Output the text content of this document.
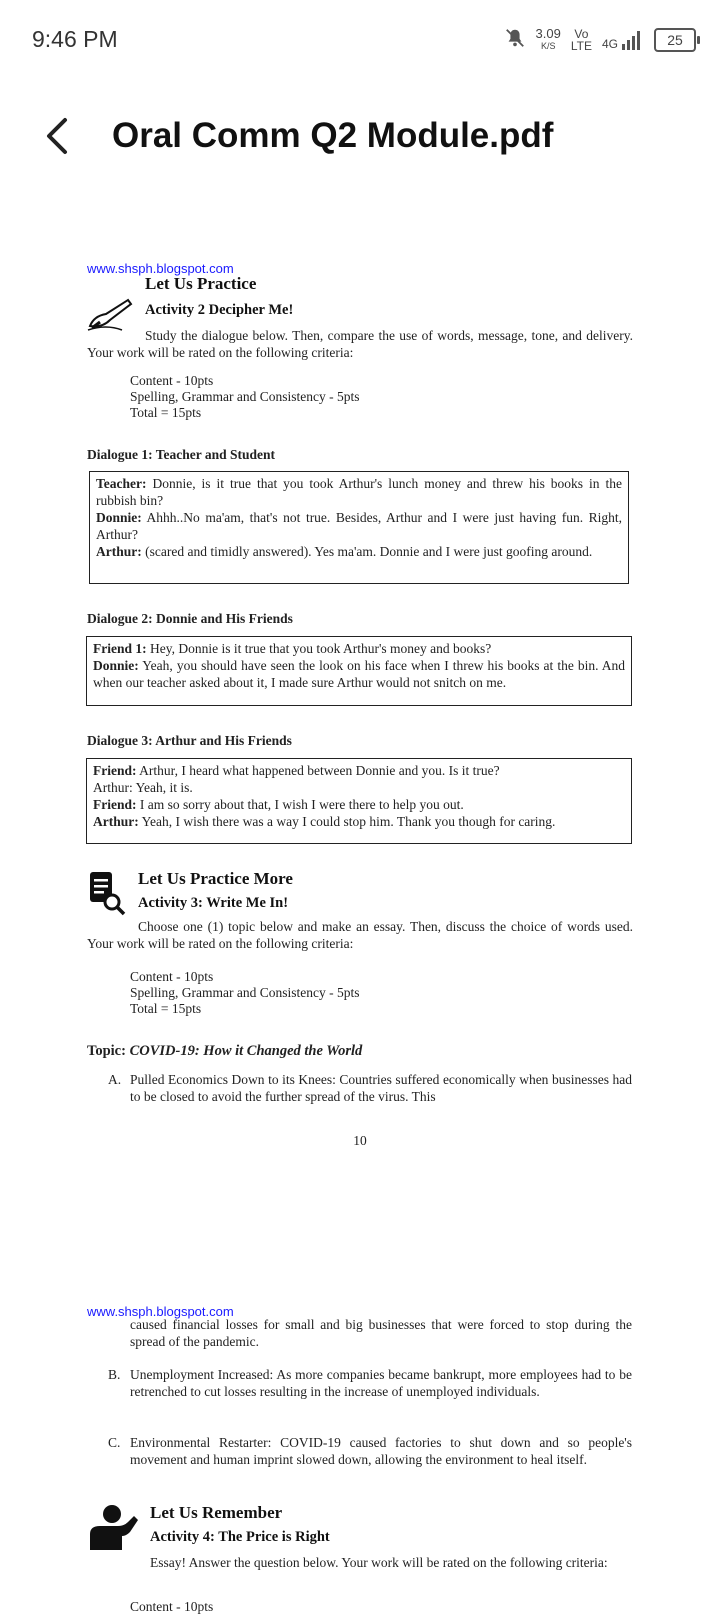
9:46 PM	3.09
K/S
Vo
LTE 4G	25
Oral Comm Q2 Module.pdf
www.shsph.blogspot.com
Let Us Practice
Activity 2 Decipher Me!
Study the dialogue below. Then, compare the use of words, message, tone, and delivery. Your work will be rated on the following criteria:
Content - 10pts
Spelling, Grammar and Consistency - 5pts
Total = 15pts
Dialogue 1: Teacher and Student
Teacher: Donnie, is it true that you took Arthur's lunch money and threw his books in the rubbish bin?
Donnie: Ahhh..No ma'am, that's not true. Besides, Arthur and I were just having fun. Right, Arthur?
Arthur: (scared and timidly answered). Yes ma'am. Donnie and I were just goofing around.
Dialogue 2: Donnie and His Friends
Friend 1: Hey, Donnie is it true that you took Arthur's money and books?
Donnie: Yeah, you should have seen the look on his face when I threw his books at the bin. And when our teacher asked about it, I made sure Arthur would not snitch on me.
Dialogue 3: Arthur and His Friends
Friend: Arthur, I heard what happened between Donnie and you. Is it true?
Arthur: Yeah, it is.
Friend: I am so sorry about that, I wish I were there to help you out.
Arthur: Yeah, I wish there was a way I could stop him. Thank you though for caring.
Let Us Practice More
Activity 3: Write Me In!
Choose one (1) topic below and make an essay. Then, discuss the choice of words used. Your work will be rated on the following criteria:
Content - 10pts
Spelling, Grammar and Consistency - 5pts
Total = 15pts
Topic: COVID-19: How it Changed the World
A. Pulled Economics Down to its Knees: Countries suffered economically when businesses had to be closed to avoid the further spread of the virus. This
10
www.shsph.blogspot.com
caused financial losses for small and big businesses that were forced to stop during the spread of the pandemic.
B. Unemployment Increased: As more companies became bankrupt, more employees had to be retrenched to cut losses resulting in the increase of unemployed individuals.
C. Environmental Restarter: COVID-19 caused factories to shut down and so people's movement and human imprint slowed down, allowing the environment to heal itself.
Let Us Remember
Activity 4: The Price is Right
Essay! Answer the question below. Your work will be rated on the following criteria:
Content - 10pts
